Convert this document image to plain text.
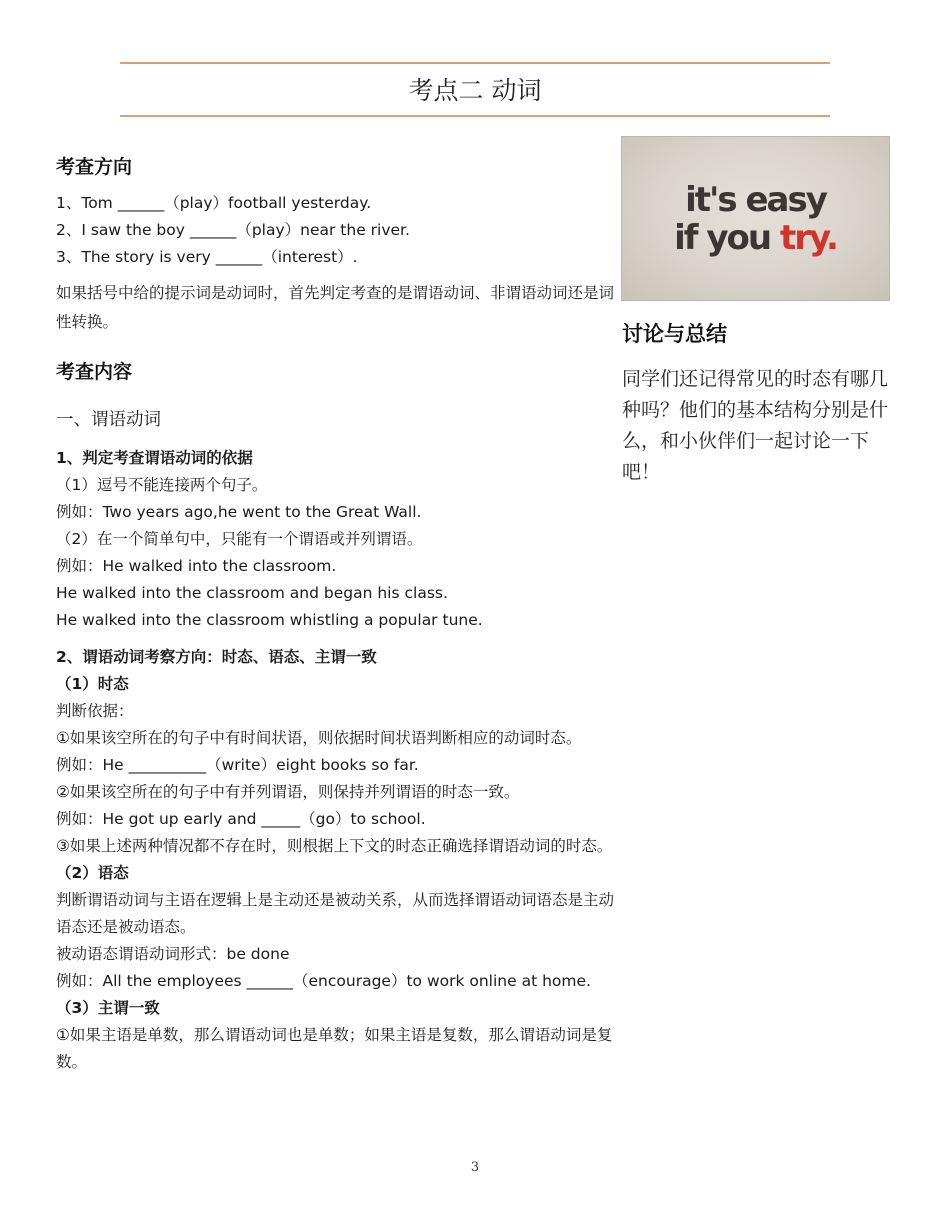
考点二 动词
考查方向
1、Tom ______（play）football yesterday.
2、I saw the boy ______（play）near the river.
3、The story is very ______（interest）.
如果括号中给的提示词是动词时，首先判定考查的是谓语动词、非谓语动词还是词性转换。
考查内容
一、谓语动词
1、判定考查谓语动词的依据
（1）逗号不能连接两个句子。
例如：Two years ago,he went to the Great Wall.
（2）在一个简单句中，只能有一个谓语或并列谓语。
例如：He walked into the classroom.
He walked into the classroom and began his class.
He walked into the classroom whistling a popular tune.
2、谓语动词考察方向：时态、语态、主谓一致
（1）时态
判断依据：
①如果该空所在的句子中有时间状语，则依据时间状语判断相应的动词时态。
例如：He __________（write）eight books so far.
②如果该空所在的句子中有并列谓语，则保持并列谓语的时态一致。
例如：He got up early and _____（go）to school.
③如果上述两种情况都不存在时，则根据上下文的时态正确选择谓语动词的时态。
（2）语态
判断谓语动词与主语在逻辑上是主动还是被动关系，从而选择谓语动词语态是主动语态还是被动语态。
被动语态谓语动词形式：be done
例如：All the employees ______（encourage）to work online at home.
（3）主谓一致
①如果主语是单数，那么谓语动词也是单数；如果主语是复数，那么谓语动词是复数。
it's easy
if you try.
讨论与总结
同学们还记得常见的时态有哪几种吗？他们的基本结构分别是什么，和小伙伴们一起讨论一下吧！
3
